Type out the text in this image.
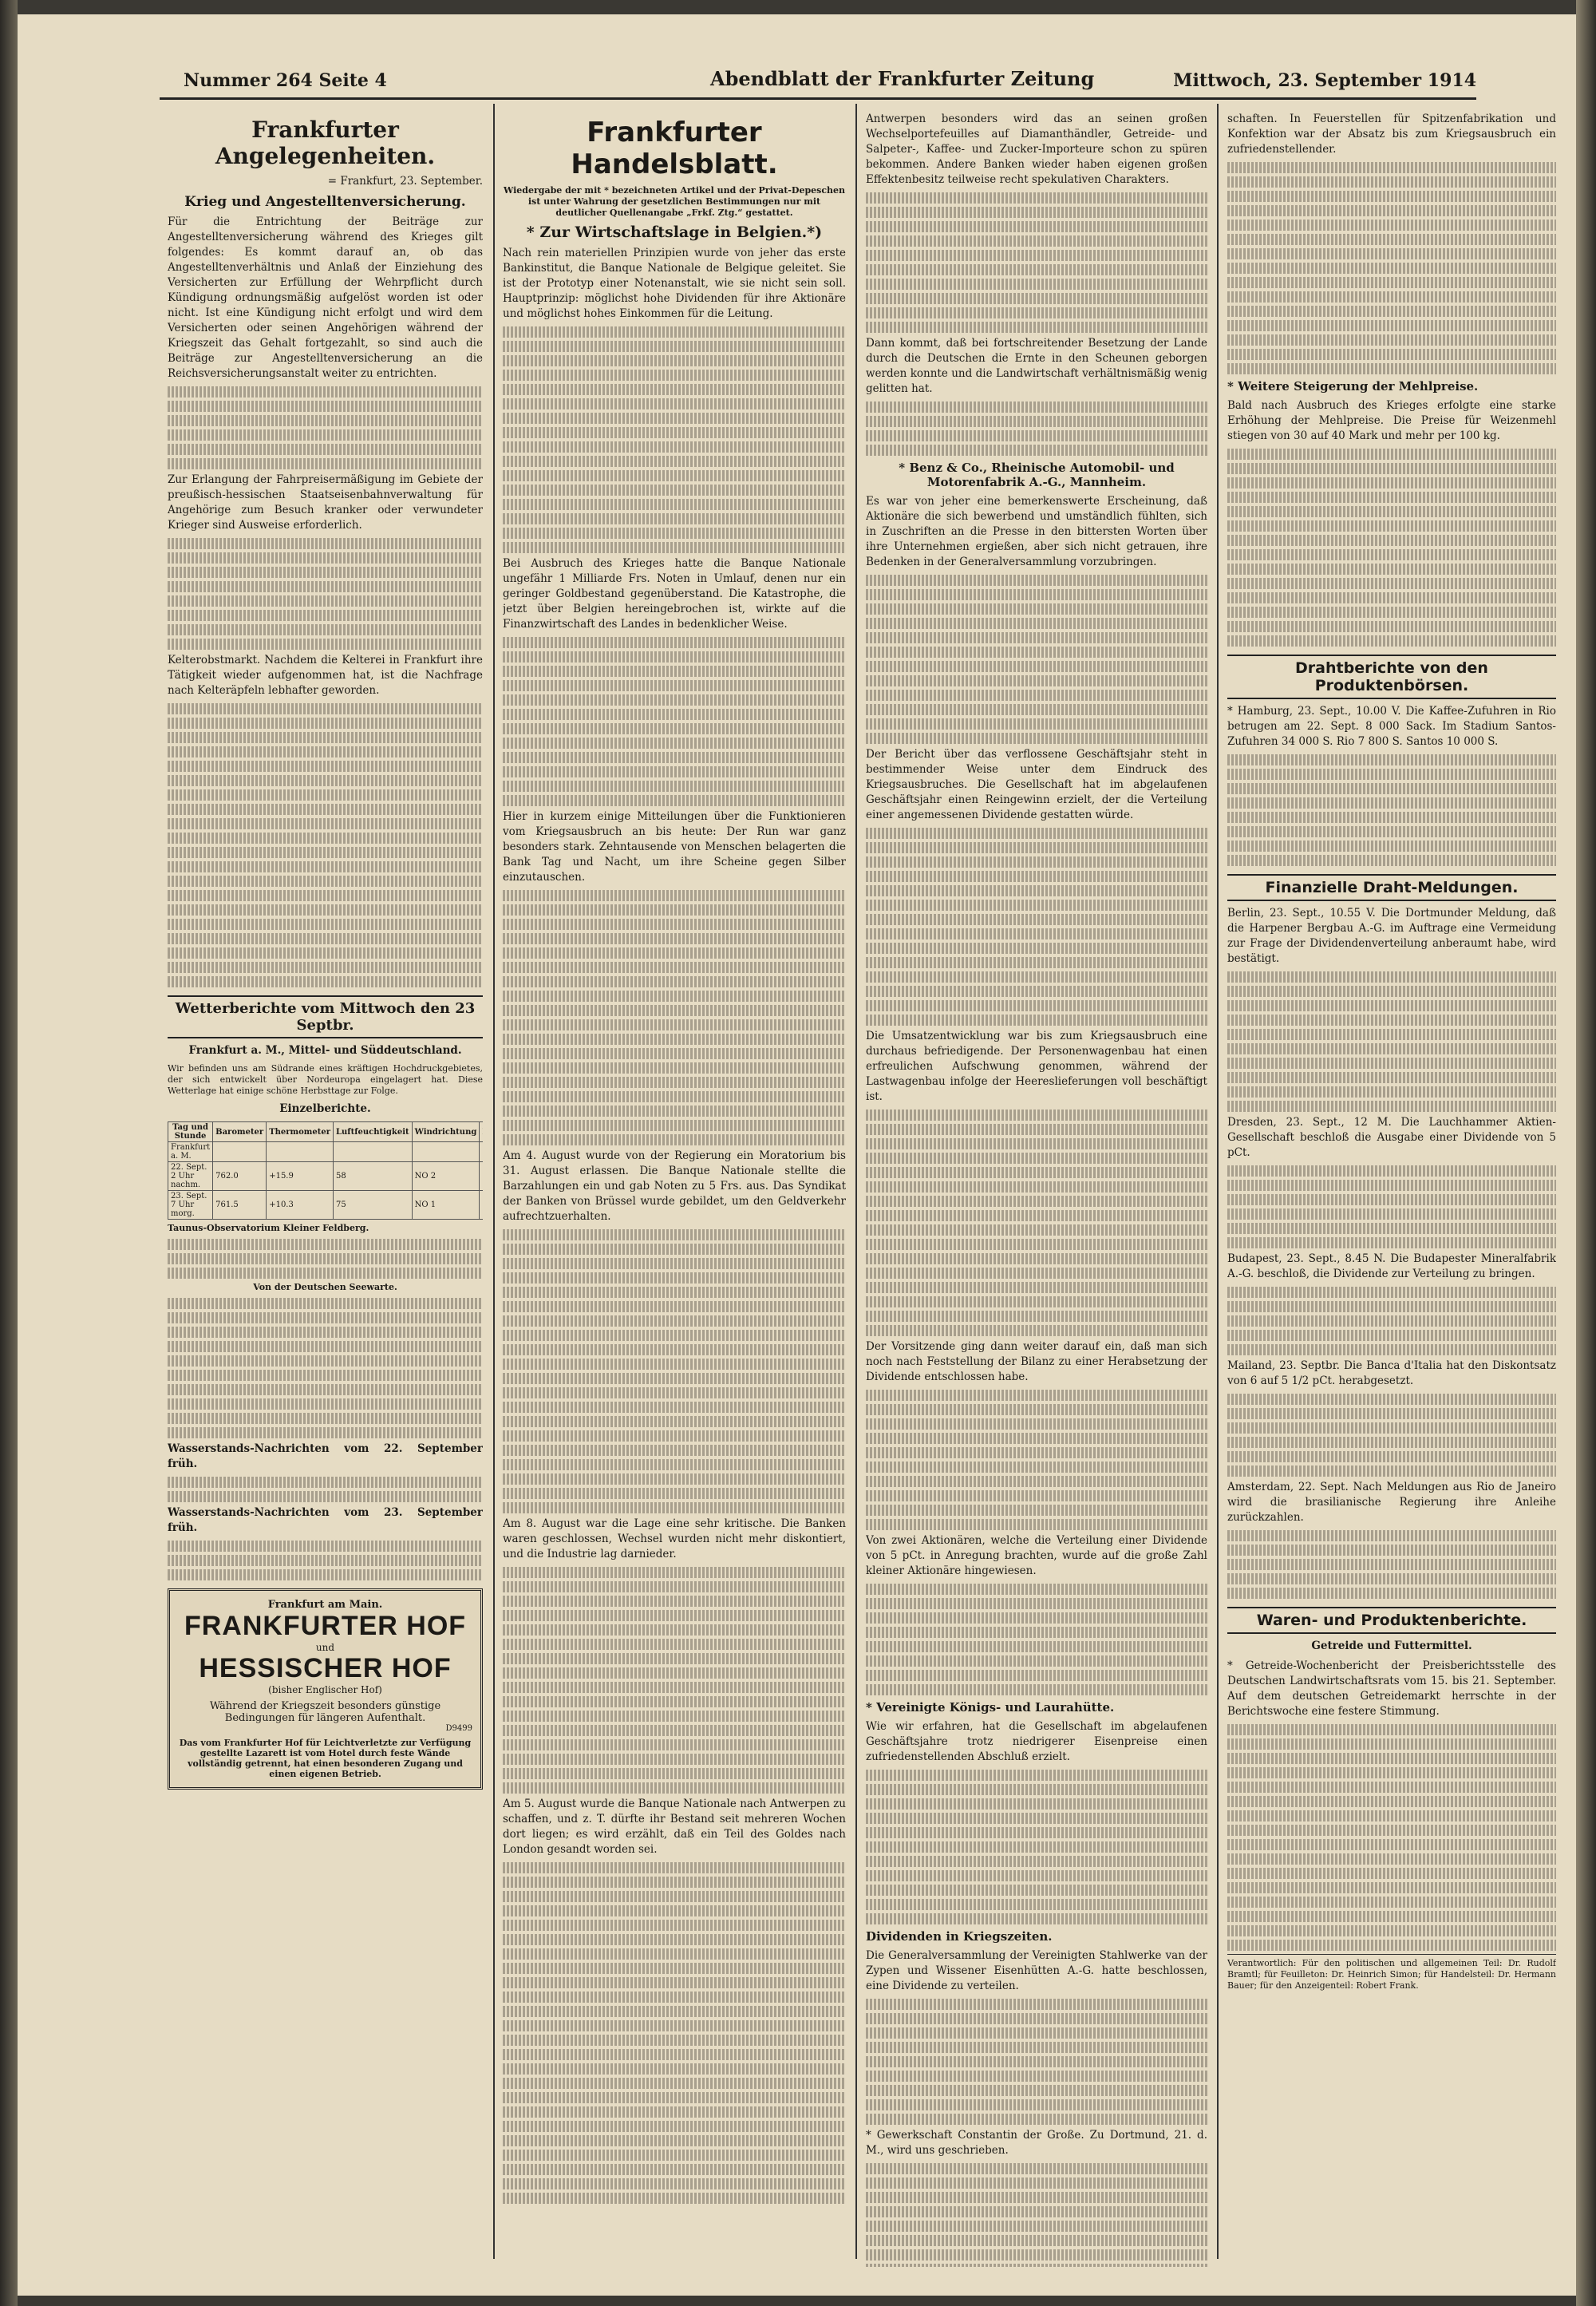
Nummer 264 Seite 4	Abendblatt der Frankfurter Zeitung	Mittwoch, 23. September 1914
Frankfurter Angelegenheiten.
= Frankfurt, 23. September.
Krieg und Angestelltenversicherung.

Für die Entrichtung der Beiträge zur Angestelltenversicherung während des Krieges gilt folgendes: Es kommt darauf an, ob das Angestelltenverhältnis und Anlaß der Einziehung des Versicherten zur Erfüllung der Wehrpflicht durch Kündigung ordnungsmäßig aufgelöst worden ist oder nicht. Ist eine Kündigung nicht erfolgt und wird dem Versicherten oder seinen Angehörigen während der Kriegszeit das Gehalt fortgezahlt, so sind auch die Beiträge zur Angestelltenversicherung an die Reichsversicherungsanstalt weiter zu entrichten.

Zur Erlangung der Fahrpreisermäßigung im Gebiete der preußisch-hessischen Staatseisenbahnverwaltung für Angehörige zum Besuch kranker oder verwundeter Krieger sind Ausweise erforderlich.

Kelterobstmarkt. Nachdem die Kelterei in Frankfurt ihre Tätigkeit wieder aufgenommen hat, ist die Nachfrage nach Kelteräpfeln lebhafter geworden.

Wetterberichte vom Mittwoch den 23 Septbr.
Frankfurt a. M., Mittel- und Süddeutschland.

Wir befinden uns am Südrande eines kräftigen Hochdruckgebietes, der sich entwickelt über Nordeuropa eingelagert hat. Diese Wetterlage hat einige schöne Herbsttage zur Folge.

Einzelberichte.
Tag und Stunde	Barometer	Thermometer	Luftfeuchtigkeit	Windrichtung		
Frankfurt a. M.						
22. Sept. 2 Uhr nachm.	762.0	+15.9	58	NO 2		
23. Sept. 7 Uhr morg.	761.5	+10.3	75	NO 1		
Taunus-Observatorium Kleiner Feldberg.
Von der Deutschen Seewarte.
Wasserstands-Nachrichten vom 22. September früh.
Wasserstands-Nachrichten vom 23. September früh.
Frankfurt am Main.
FRANKFURTER HOF
und
HESSISCHER HOF
(bisher Englischer Hof)
Während der Kriegszeit besonders günstige Bedingungen für längeren Aufenthalt.
D9499
Das vom Frankfurter Hof für Leichtverletzte zur Verfügung gestellte Lazarett ist vom Hotel durch feste Wände vollständig getrennt, hat einen besonderen Zugang und einen eigenen Betrieb.
Frankfurter Handelsblatt.
Wiedergabe der mit * bezeichneten Artikel und der Privat-Depeschen ist unter Wahrung der gesetzlichen Bestimmungen nur mit deutlicher Quellenangabe „Frkf. Ztg.“ gestattet.
* Zur Wirtschaftslage in Belgien.*)

Nach rein materiellen Prinzipien wurde von jeher das erste Bankinstitut, die Banque Nationale de Belgique geleitet. Sie ist der Prototyp einer Notenanstalt, wie sie nicht sein soll. Hauptprinzip: möglichst hohe Dividenden für ihre Aktionäre und möglichst hohes Einkommen für die Leitung.

Bei Ausbruch des Krieges hatte die Banque Nationale ungefähr 1 Milliarde Frs. Noten in Umlauf, denen nur ein geringer Goldbestand gegenüberstand. Die Katastrophe, die jetzt über Belgien hereingebrochen ist, wirkte auf die Finanzwirtschaft des Landes in bedenklicher Weise.

Hier in kurzem einige Mitteilungen über die Funktionieren vom Kriegsausbruch an bis heute: Der Run war ganz besonders stark. Zehntausende von Menschen belagerten die Bank Tag und Nacht, um ihre Scheine gegen Silber einzutauschen.

Am 4. August wurde von der Regierung ein Moratorium bis 31. August erlassen. Die Banque Nationale stellte die Barzahlungen ein und gab Noten zu 5 Frs. aus. Das Syndikat der Banken von Brüssel wurde gebildet, um den Geldverkehr aufrechtzuerhalten.

Am 8. August war die Lage eine sehr kritische. Die Banken waren geschlossen, Wechsel wurden nicht mehr diskontiert, und die Industrie lag darnieder.

Am 5. August wurde die Banque Nationale nach Antwerpen zu schaffen, und z. T. dürfte ihr Bestand seit mehreren Wochen dort liegen; es wird erzählt, daß ein Teil des Goldes nach London gesandt worden sei.

Antwerpen besonders wird das an seinen großen Wechselportefeuilles auf Diamanthändler, Getreide- und Salpeter-, Kaffee- und Zucker-Importeure schon zu spüren bekommen. Andere Banken wieder haben eigenen großen Effektenbesitz teilweise recht spekulativen Charakters.

Dann kommt, daß bei fortschreitender Besetzung der Lande durch die Deutschen die Ernte in den Scheunen geborgen werden konnte und die Landwirtschaft verhältnismäßig wenig gelitten hat.

* Benz & Co., Rheinische Automobil- und Motorenfabrik A.-G., Mannheim.

Es war von jeher eine bemerkenswerte Erscheinung, daß Aktionäre die sich bewerbend und umständlich fühlten, sich in Zuschriften an die Presse in den bittersten Worten über ihre Unternehmen ergießen, aber sich nicht getrauen, ihre Bedenken in der Generalversammlung vorzubringen.

Der Bericht über das verflossene Geschäftsjahr steht in bestimmender Weise unter dem Eindruck des Kriegsausbruches. Die Gesellschaft hat im abgelaufenen Geschäftsjahr einen Reingewinn erzielt, der die Verteilung einer angemessenen Dividende gestatten würde.

Die Umsatzentwicklung war bis zum Kriegsausbruch eine durchaus befriedigende. Der Personenwagenbau hat einen erfreulichen Aufschwung genommen, während der Lastwagenbau infolge der Heereslieferungen voll beschäftigt ist.

Der Vorsitzende ging dann weiter darauf ein, daß man sich noch nach Feststellung der Bilanz zu einer Herabsetzung der Dividende entschlossen habe.

Von zwei Aktionären, welche die Verteilung einer Dividende von 5 pCt. in Anregung brachten, wurde auf die große Zahl kleiner Aktionäre hingewiesen.

* Vereinigte Königs- und Laurahütte.

Wie wir erfahren, hat die Gesellschaft im abgelaufenen Geschäftsjahre trotz niedrigerer Eisenpreise einen zufriedenstellenden Abschluß erzielt.

Dividenden in Kriegszeiten.

Die Generalversammlung der Vereinigten Stahlwerke van der Zypen und Wissener Eisenhütten A.-G. hatte beschlossen, eine Dividende zu verteilen.

* Gewerkschaft Constantin der Große. Zu Dortmund, 21. d. M., wird uns geschrieben.

schaften. In Feuerstellen für Spitzenfabrikation und Konfektion war der Absatz bis zum Kriegsausbruch ein zufriedenstellender.

* Weitere Steigerung der Mehlpreise.

Bald nach Ausbruch des Krieges erfolgte eine starke Erhöhung der Mehlpreise. Die Preise für Weizenmehl stiegen von 30 auf 40 Mark und mehr per 100 kg.

Drahtberichte von den Produktenbörsen.

* Hamburg, 23. Sept., 10.00 V. Die Kaffee-Zufuhren in Rio betrugen am 22. Sept. 8 000 Sack. Im Stadium Santos-Zufuhren 34 000 S. Rio 7 800 S. Santos 10 000 S.

Finanzielle Draht-Meldungen.

Berlin, 23. Sept., 10.55 V. Die Dortmunder Meldung, daß die Harpener Bergbau A.-G. im Auftrage eine Vermeidung zur Frage der Dividendenverteilung anberaumt habe, wird bestätigt.

Dresden, 23. Sept., 12 M. Die Lauchhammer Aktien-Gesellschaft beschloß die Ausgabe einer Dividende von 5 pCt.

Budapest, 23. Sept., 8.45 N. Die Budapester Mineralfabrik A.-G. beschloß, die Dividende zur Verteilung zu bringen.

Mailand, 23. Septbr. Die Banca d'Italia hat den Diskontsatz von 6 auf 5 1/2 pCt. herabgesetzt.

Amsterdam, 22. Sept. Nach Meldungen aus Rio de Janeiro wird die brasilianische Regierung ihre Anleihe zurückzahlen.

Waren- und Produktenberichte.
Getreide und Futtermittel.

* Getreide-Wochenbericht der Preisberichtsstelle des Deutschen Landwirtschaftsrats vom 15. bis 21. September. Auf dem deutschen Getreidemarkt herrschte in der Berichtswoche eine festere Stimmung.

Verantwortlich: Für den politischen und allgemeinen Teil: Dr. Rudolf Bramtl; für Feuilleton: Dr. Heinrich Simon; für Handelsteil: Dr. Hermann Bauer; für den Anzeigenteil: Robert Frank.
